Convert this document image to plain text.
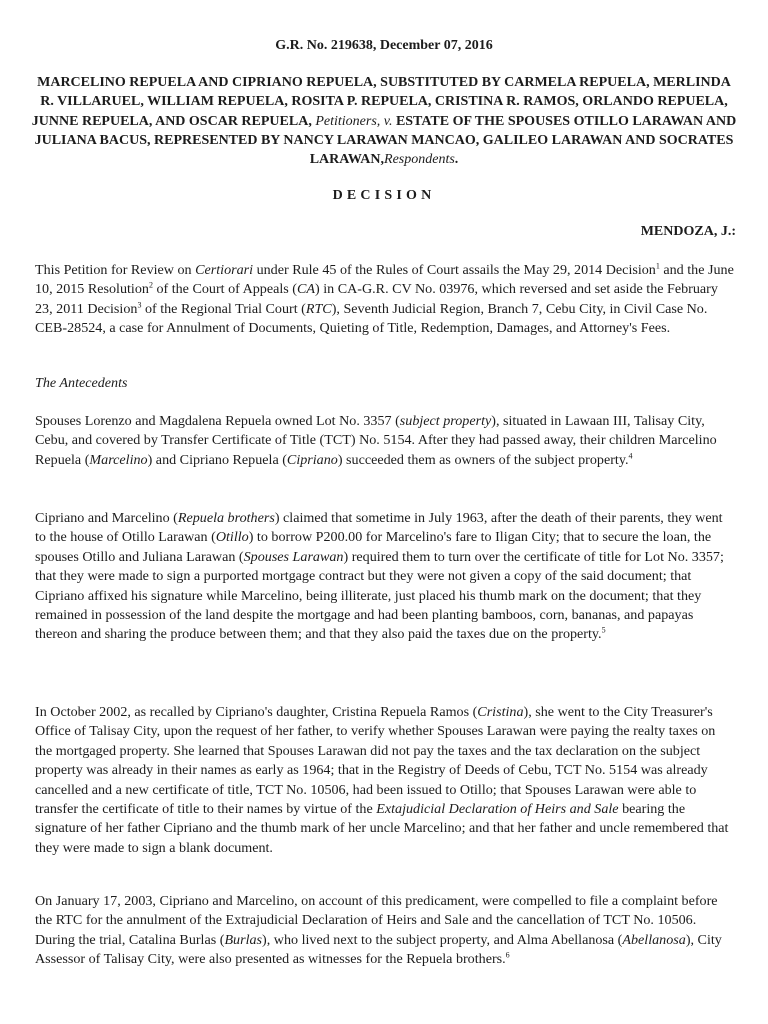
G.R. No. 219638, December 07, 2016
MARCELINO REPUELA AND CIPRIANO REPUELA, SUBSTITUTED BY CARMELA REPUELA, MERLINDA R. VILLARUEL, WILLIAM REPUELA, ROSITA P. REPUELA, CRISTINA R. RAMOS, ORLANDO REPUELA, JUNNE REPUELA, AND OSCAR REPUELA, Petitioners, v. ESTATE OF THE SPOUSES OTILLO LARAWAN AND JULIANA BACUS, REPRESENTED BY NANCY LARAWAN MANCAO, GALILEO LARAWAN AND SOCRATES LARAWAN,Respondents.
DECISION
MENDOZA, J.:

This Petition for Review on Certiorari under Rule 45 of the Rules of Court assails the May 29, 2014 Decision$^1$ and the June 10, 2015 Resolution$^2$ of the Court of Appeals (CA) in CA-G.R. CV No. 03976, which reversed and set aside the February 23, 2011 Decision$^3$ of the Regional Trial Court (RTC), Seventh Judicial Region, Branch 7, Cebu City, in Civil Case No. CEB-28524, a case for Annulment of Documents, Quieting of Title, Redemption, Damages, and Attorney's Fees.

The Antecedents

Spouses Lorenzo and Magdalena Repuela owned Lot No. 3357 (subject property), situated in Lawaan III, Talisay City, Cebu, and covered by Transfer Certificate of Title (TCT) No. 5154. After they had passed away, their children Marcelino Repuela (Marcelino) and Cipriano Repuela (Cipriano) succeeded them as owners of the subject property.$^4$

Cipriano and Marcelino (Repuela brothers) claimed that sometime in July 1963, after the death of their parents, they went to the house of Otillo Larawan (Otillo) to borrow P200.00 for Marcelino's fare to Iligan City; that to secure the loan, the spouses Otillo and Juliana Larawan (Spouses Larawan) required them to turn over the certificate of title for Lot No. 3357; that they were made to sign a purported mortgage contract but they were not given a copy of the said document; that Cipriano affixed his signature while Marcelino, being illiterate, just placed his thumb mark on the document; that they remained in possession of the land despite the mortgage and had been planting bamboos, corn, bananas, and papayas thereon and sharing the produce between them; and that they also paid the taxes due on the property.$^5$

In October 2002, as recalled by Cipriano's daughter, Cristina Repuela Ramos (Cristina), she went to the City Treasurer's Office of Talisay City, upon the request of her father, to verify whether Spouses Larawan were paying the realty taxes on the mortgaged property. She learned that Spouses Larawan did not pay the taxes and the tax declaration on the subject property was already in their names as early as 1964; that in the Registry of Deeds of Cebu, TCT No. 5154 was already cancelled and a new certificate of title, TCT No. 10506, had been issued to Otillo; that Spouses Larawan were able to transfer the certificate of title to their names by virtue of the Extajudicial Declaration of Heirs and Sale bearing the signature of her father Cipriano and the thumb mark of her uncle Marcelino; and that her father and uncle remembered that they were made to sign a blank document.

On January 17, 2003, Cipriano and Marcelino, on account of this predicament, were compelled to file a complaint before the RTC for the annulment of the Extrajudicial Declaration of Heirs and Sale and the cancellation of TCT No. 10506. During the trial, Catalina Burlas (Burlas), who lived next to the subject property, and Alma Abellanosa (Abellanosa), City Assessor of Talisay City, were also presented as witnesses for the Repuela brothers.$^6$
